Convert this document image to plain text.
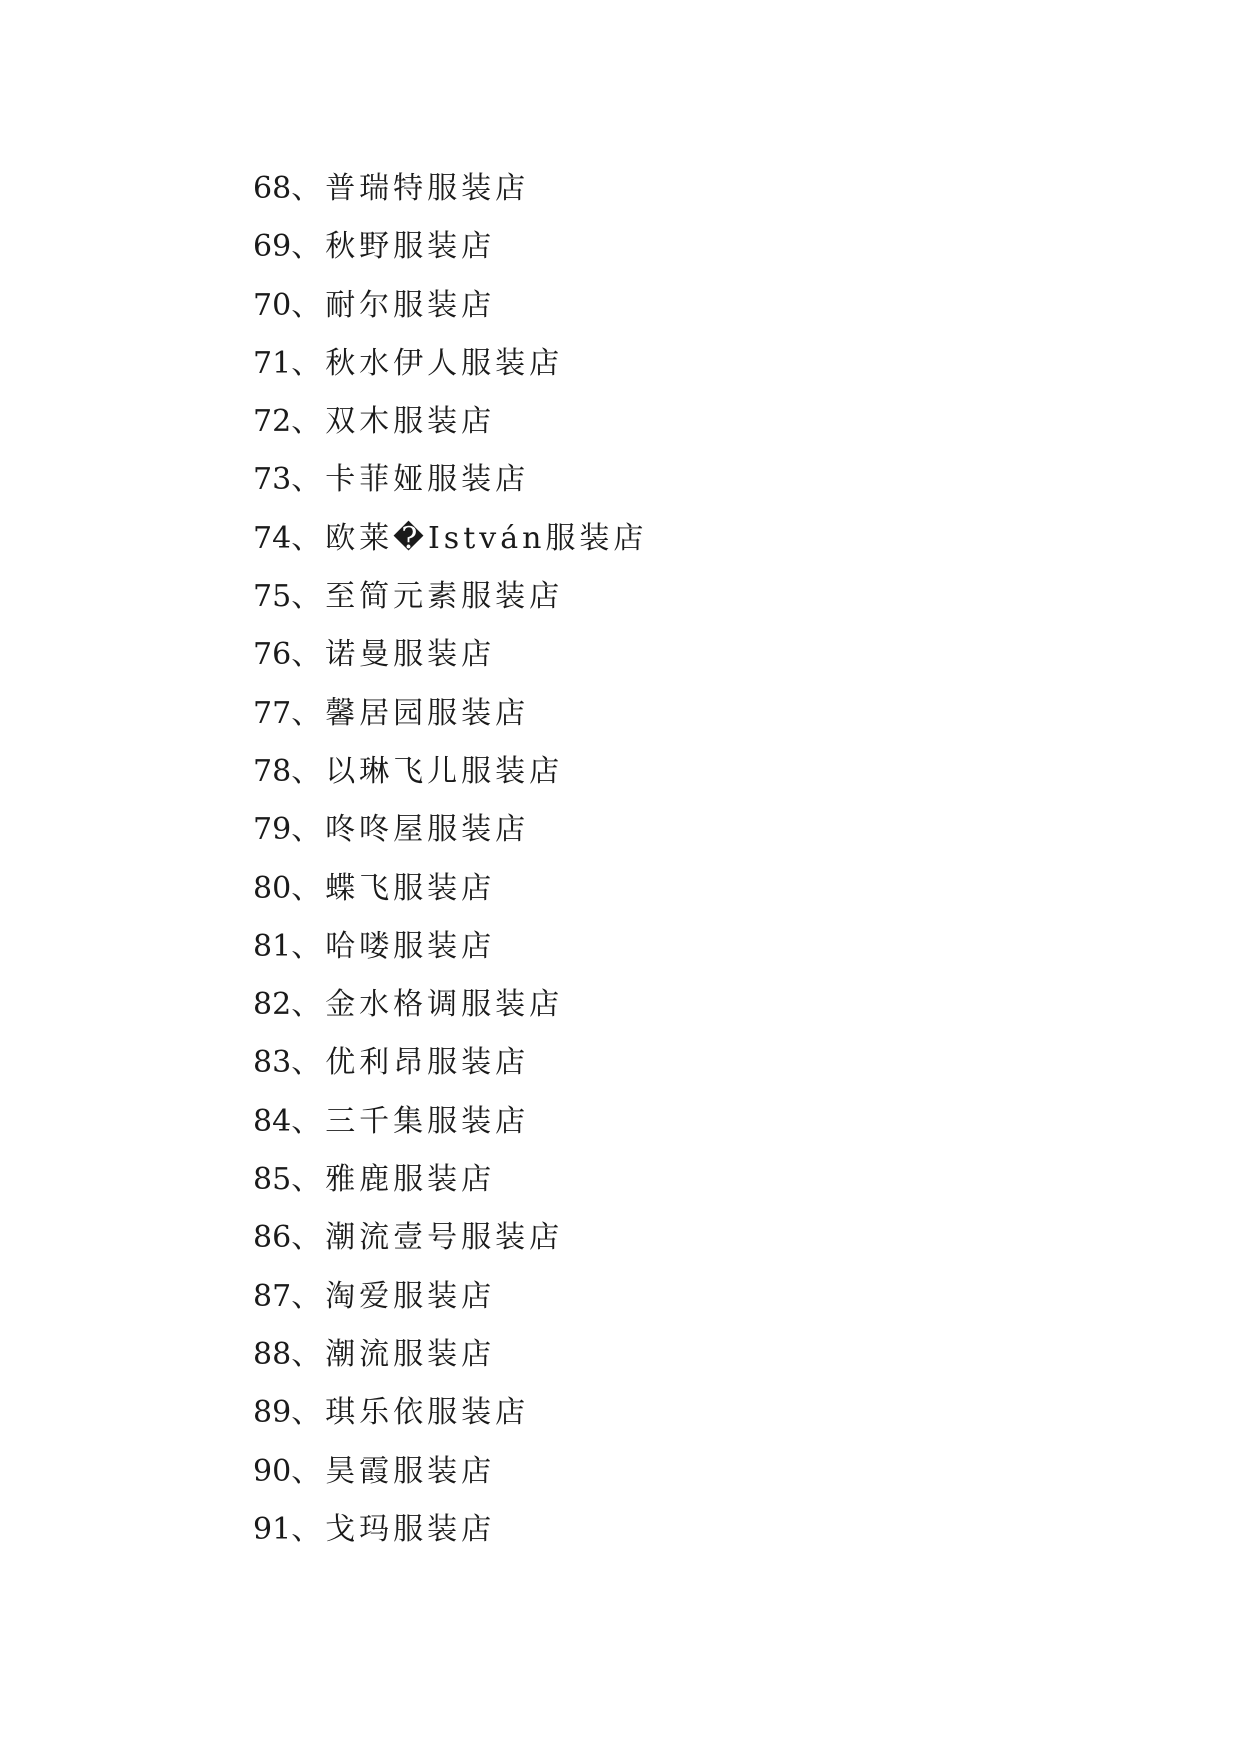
68、普瑞特服装店
69、秋野服装店
70、耐尔服装店
71、秋水伊人服装店
72、双木服装店
73、卡菲娅服装店
74、欧莱�István服装店
75、至简元素服装店
76、诺曼服装店
77、馨居园服装店
78、以琳飞儿服装店
79、咚咚屋服装店
80、蝶飞服装店
81、哈喽服装店
82、金水格调服装店
83、优利昂服装店
84、三千集服装店
85、雅鹿服装店
86、潮流壹号服装店
87、淘爱服装店
88、潮流服装店
89、琪乐依服装店
90、昊霞服装店
91、戈玛服装店
